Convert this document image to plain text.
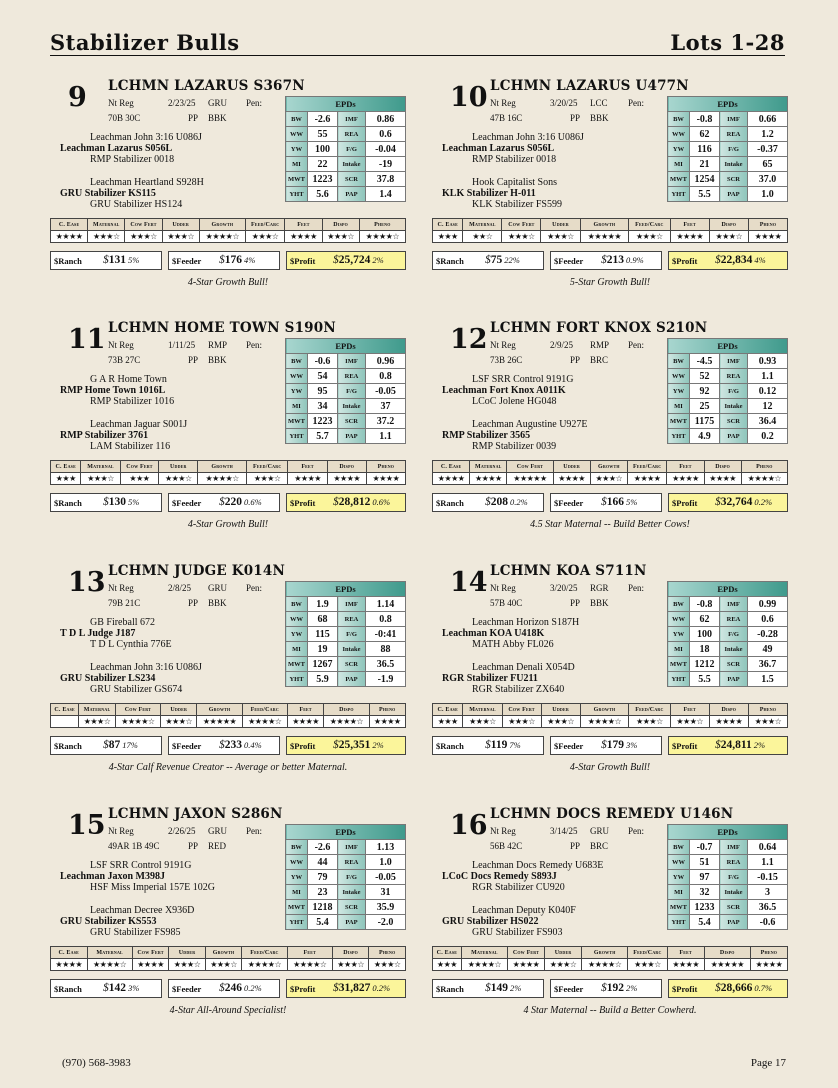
Stabilizer Bulls	Lots 1-28
9 LCHMN LAZARUS S367N
Nt Reg	2/23/25 GRU Pen:
70B 30C	PP BBK
Leachman John 3:16 U086J
Leachman Lazarus S056L
RMP Stabilizer 0018
Leachman Heartland S928H
GRU Stabilizer KS115
GRU Stabilizer HS124
EPDs			
BW	-2.6	IMF	0.86
WW	55	REA	0.6
YW	100	F/G	-0.04
MI	22	Intake	-19
MWT	1223	SCR	37.8
YHT	5.6	PAP	1.4
C. Ease	Maternal	Cow Fert	Udder	Growth	Feed/Carc	Feet	Dispo	Pheno
★★★★	★★★☆	★★★☆	★★★☆	★★★★☆	★★★☆	★★★★	★★★☆	★★★★☆
$Ranch $131 5%	$Feeder $176 4%	$Profit $25,724 2%
4-Star Growth Bull!
10 LCHMN LAZARUS U477N
Nt Reg	3/20/25 LCC Pen:
47B 16C	PP BBK
Leachman John 3:16 U086J
Leachman Lazarus S056L
RMP Stabilizer 0018
Hook Capitalist Sons
KLK Stabilizer H-011
KLK Stabilizer FS599
EPDs			
BW	-0.8	IMF	0.66
WW	62	REA	1.2
YW	116	F/G	-0.37
MI	21	Intake	65
MWT	1254	SCR	37.0
YHT	5.5	PAP	1.0
C. Ease	Maternal	Cow Fert	Udder	Growth	Feed/Carc	Feet	Dispo	Pheno
★★★	★★☆	★★★☆	★★★☆	★★★★★	★★★☆	★★★★	★★★☆	★★★★
$Ranch $75 22%	$Feeder $213 0.9%	$Profit $22,834 4%
5-Star Growth Bull!
11 LCHMN HOME TOWN S190N
Nt Reg	1/11/25 RMP Pen:
73B 27C	PP BBK
G A R Home Town
RMP Home Town 1016L
RMP Stabilizer 1016
Leachman Jaguar S001J
RMP Stabilizer 3761
LAM Stabilizer 116
EPDs			
BW	-0.6	IMF	0.96
WW	54	REA	0.8
YW	95	F/G	-0.05
MI	34	Intake	37
MWT	1223	SCR	37.2
YHT	5.7	PAP	1.1
C. Ease	Maternal	Cow Fert	Udder	Growth	Feed/Carc	Feet	Dispo	Pheno
★★★	★★★☆	★★★	★★★☆	★★★★☆	★★★☆	★★★★	★★★★	★★★★
$Ranch $130 5%	$Feeder $220 0.6%	$Profit $28,812 0.6%
4-Star Growth Bull!
12 LCHMN FORT KNOX S210N
Nt Reg	2/9/25 RMP Pen:
73B 26C	PP BRC
LSF SRR Control 9191G
Leachman Fort Knox A011K
LCoC Jolene HG048
Leachman Augustine U927E
RMP Stabilizer 3565
RMP Stabilizer 0039
EPDs			
BW	-4.5	IMF	0.93
WW	52	REA	1.1
YW	92	F/G	0.12
MI	25	Intake	12
MWT	1175	SCR	36.4
YHT	4.9	PAP	0.2
C. Ease	Maternal	Cow Fert	Udder	Growth	Feed/Carc	Feet	Dispo	Pheno
★★★★	★★★★	★★★★★	★★★★	★★★☆	★★★★	★★★★	★★★★	★★★★☆
$Ranch $208 0.2%	$Feeder $166 5%	$Profit $32,764 0.2%
4.5 Star Maternal -- Build Better Cows!
13 LCHMN JUDGE K014N
Nt Reg	2/8/25 GRU Pen:
79B 21C	PP BBK
GB Fireball 672
T D L Judge J187
T D L Cynthia 776E
Leachman John 3:16 U086J
GRU Stabilizer LS234
GRU Stabilizer GS674
EPDs			
BW	1.9	IMF	1.14
WW	68	REA	0.8
YW	115	F/G	-0:41
MI	19	Intake	88
MWT	1267	SCR	36.5
YHT	5.9	PAP	-1.9
C. Ease	Maternal	Cow Fert	Udder	Growth	Feed/Carc	Feet	Dispo	Pheno
	★★★☆	★★★★☆	★★★☆	★★★★★	★★★★☆	★★★★	★★★★☆	★★★★
$Ranch $87 17%	$Feeder $233 0.4%	$Profit $25,351 2%
4-Star Calf Revenue Creator -- Average or better Maternal.
14 LCHMN KOA S711N
Nt Reg	3/20/25 RGR Pen:
57B 40C	PP BBK
Leachman Horizon S187H
Leachman KOA U418K
MATH Abby FL026
Leachman Denali X054D
RGR Stabilizer FU211
RGR Stabilizer ZX640
EPDs			
BW	-0.8	IMF	0.99
WW	62	REA	0.6
YW	100	F/G	-0.28
MI	18	Intake	49
MWT	1212	SCR	36.7
YHT	5.5	PAP	1.5
C. Ease	Maternal	Cow Fert	Udder	Growth	Feed/Carc	Feet	Dispo	Pheno
★★★	★★★☆	★★★☆	★★★☆	★★★★☆	★★★☆	★★★☆	★★★★	★★★☆
$Ranch $119 7%	$Feeder $179 3%	$Profit $24,811 2%
4-Star Growth Bull!
15 LCHMN JAXON S286N
Nt Reg	2/26/25 GRU Pen:
49AR 1B 49C	PP RED
LSF SRR Control 9191G
Leachman Jaxon M398J
HSF Miss Imperial 157E 102G
Leachman Decree X936D
GRU Stabilizer KS553
GRU Stabilizer FS985
EPDs			
BW	-2.6	IMF	1.13
WW	44	REA	1.0
YW	79	F/G	-0.05
MI	23	Intake	31
MWT	1218	SCR	35.9
YHT	5.4	PAP	-2.0
C. Ease	Maternal	Cow Fert	Udder	Growth	Feed/Carc	Feet	Dispo	Pheno
★★★★	★★★★☆	★★★★	★★★☆	★★★☆	★★★★☆	★★★★☆	★★★☆	★★★☆
$Ranch $142 3%	$Feeder $246 0.2%	$Profit $31,827 0.2%
4-Star All-Around Specialist!
16 LCHMN DOCS REMEDY U146N
Nt Reg	3/14/25 GRU Pen:
56B 42C	PP BRC
Leachman Docs Remedy U683E
LCoC Docs Remedy S893J
RGR Stabilizer CU920
Leachman Deputy K040F
GRU Stabilizer HS022
GRU Stabilizer FS903
EPDs			
BW	-0.7	IMF	0.64
WW	51	REA	1.1
YW	97	F/G	-0.15
MI	32	Intake	3
MWT	1233	SCR	36.5
YHT	5.4	PAP	-0.6
C. Ease	Maternal	Cow Fert	Udder	Growth	Feed/Carc	Feet	Dispo	Pheno
★★★	★★★★☆	★★★★	★★★☆	★★★★☆	★★★☆	★★★★	★★★★★	★★★★
$Ranch $149 2%	$Feeder $192 2%	$Profit $28,666 0.7%
4 Star Maternal -- Build a Better Cowherd.
(970) 568-3983	Page 17
